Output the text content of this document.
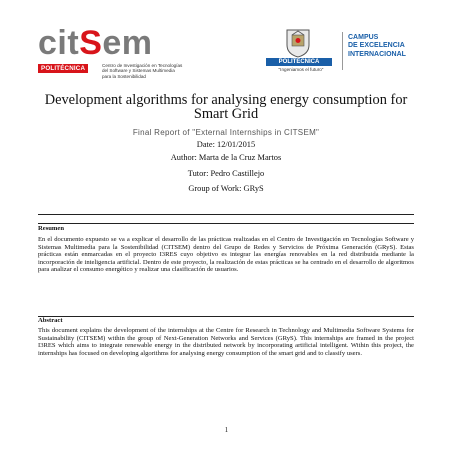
citSem
POLITÉCNICA	Centro de Investigación en Tecnologías
del Software y Sistemas Multimedia
para la Sostenibilidad
POLITÉCNICA
"Ingeniamos el futuro"
CAMPUS
DE EXCELENCIA
INTERNACIONAL
Development algorithms for analysing energy consumption for Smart Grid
Final Report of "External Internships in CITSEM"
Date: 12/01/2015
Author: Marta de la Cruz Martos
Tutor: Pedro Castillejo
Group of Work: GRyS
Resumen
En el documento expuesto se va a explicar el desarrollo de las prácticas realizadas en el Centro de Investigación en Tecnologías Software y Sistemas Multimedia para la Sostenibilidad (CITSEM) dentro del Grupo de Redes y Servicios de Próxima Generación (GRyS). Estas prácticas están enmarcadas en el proyecto I3RES cuyo objetivo es integrar las energías renovables en la red distribuida mediante la incorporación de inteligencia artificial. Dentro de este proyecto, la realización de estas prácticas se ha centrado en el desarrollo de algoritmos para analizar el consumo energético y realizar una clasificación de usuarios.
Abstract
This document explains the development of the internships at the Centre for Research in Technology and Multimedia Software Systems for Sustainability (CITSEM) within the group of Next-Generation Networks and Services (GRyS). This internships are framed in the project I3RES which aims to integrate renewable energy in the distributed network by incorporating artificial intelligent. Within this project, the internships has focused on developing algorithms for analysing energy consumption of the smart grid and to classify users.
1
